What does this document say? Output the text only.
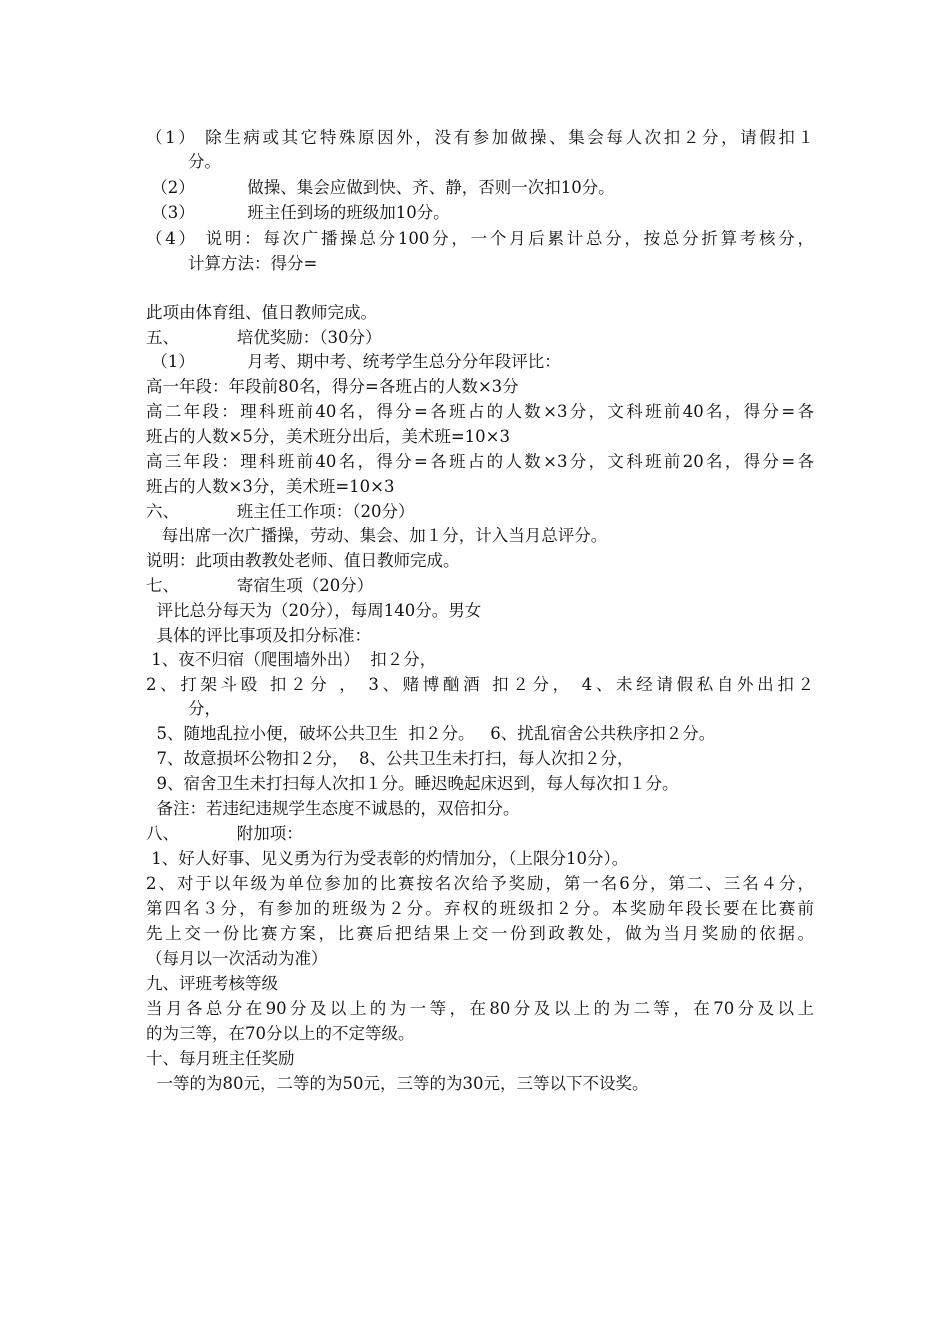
（1） 除生病或其它特殊原因外，没有参加做操、集会每人次扣２分，请假扣１
分。
（2）          做操、集会应做到快、齐、静，否则一次扣10分。
（3）          班主任到场的班级加10分。
（4） 说明：每次广播操总分100分，一个月后累计总分，按总分折算考核分，
计算方法：得分=
此项由体育组、值日教师完成。
五、           培优奖励：（30分）
（1）          月考、期中考、统考学生总分分年段评比：
高一年段：年段前80名，得分=各班占的人数×3分
高二年段：理科班前40名，得分=各班占的人数×3分，文科班前40名，得分=各
班占的人数×5分，美术班分出后，美术班=10×3
高三年段：理科班前40名，得分=各班占的人数×3分，文科班前20名，得分=各
班占的人数×3分，美术班=10×3
六、           班主任工作项：（20分）
每出席一次广播操，劳动、集会、加１分，计入当月总评分。
说明：此项由教教处老师、值日教师完成。
七、           寄宿生项（20分）
评比总分每天为（20分），每周140分。男女
具体的评比事项及扣分标准：
1、夜不归宿（爬围墙外出）  扣２分，
2、打架斗殴 扣２分 ， 3、赌博酗酒 扣２分， 4、未经请假私自外出扣２
分，
5、随地乱拉小便，破坏公共卫生  扣２分。   6、扰乱宿舍公共秩序扣２分。
7、故意损坏公物扣２分，  8、公共卫生未打扫，每人次扣２分，
9、宿舍卫生未打扫每人次扣１分。睡迟晚起床迟到，每人每次扣１分。
备注：若违纪违规学生态度不诚恳的，双倍扣分。
八、           附加项：
1、好人好事、见义勇为行为受表彰的灼情加分，（上限分10分）。
2、对于以年级为单位参加的比赛按名次给予奖励，第一名6分，第二、三名４分，
第四名３分，有参加的班级为２分。弃权的班级扣２分。本奖励年段长要在比赛前
先上交一份比赛方案，比赛后把结果上交一份到政教处，做为当月奖励的依据。
（每月以一次活动为准）
九、评班考核等级
当月各总分在90分及以上的为一等，在80分及以上的为二等，在70分及以上
的为三等，在70分以上的不定等级。
十、每月班主任奖励
一等的为80元，二等的为50元，三等的为30元，三等以下不设奖。
